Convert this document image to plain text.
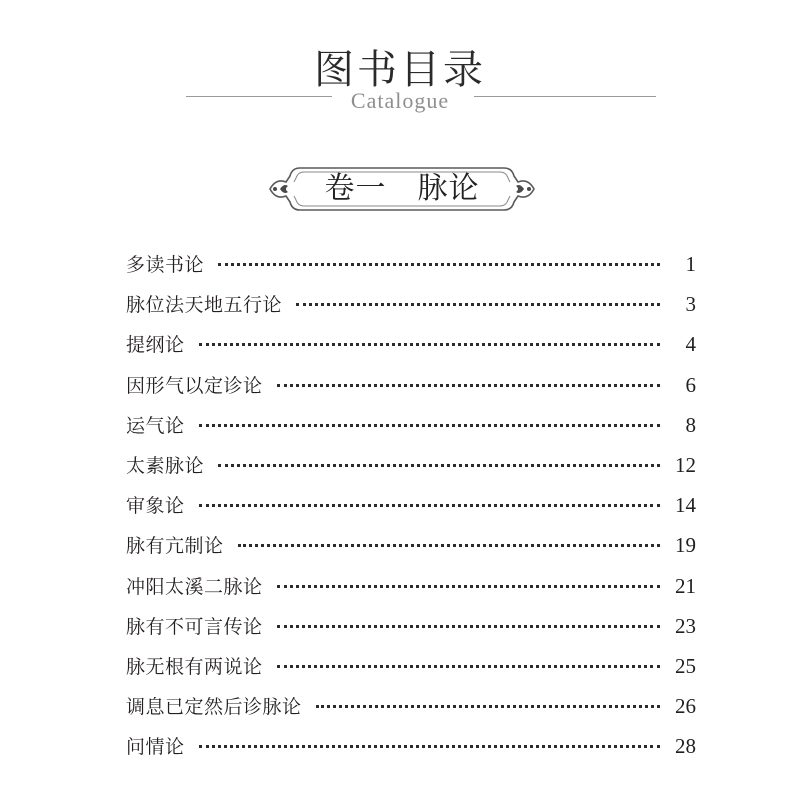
图书目录
Catalogue
卷一　脉论
多读书论	1
脉位法天地五行论	3
提纲论	4
因形气以定诊论	6
运气论	8
太素脉论	12
审象论	14
脉有亢制论	19
冲阳太溪二脉论	21
脉有不可言传论	23
脉无根有两说论	25
调息已定然后诊脉论	26
问情论	28
